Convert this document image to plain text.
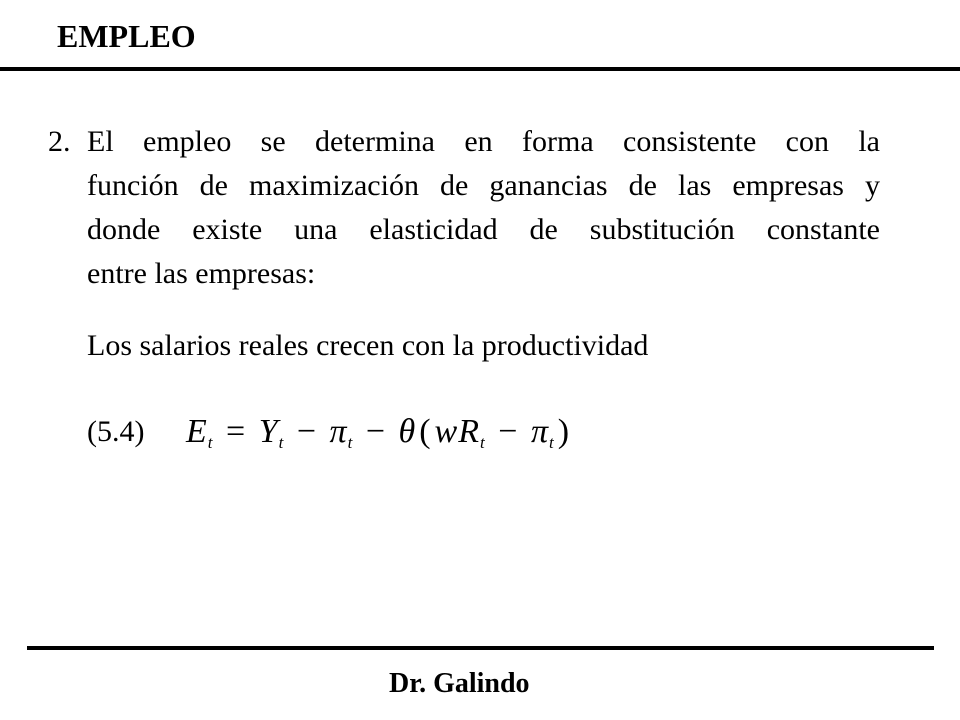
EMPLEO
2. El empleo se determina en forma consistente con la
función de maximización de ganancias de las empresas y
donde existe una elasticidad de substitución constante
entre las empresas:
Los salarios reales crecen con la productividad
(5.4) $E_t = Y_t - \pi_t - \theta(wR_t - \pi_t)$
Dr. Galindo
